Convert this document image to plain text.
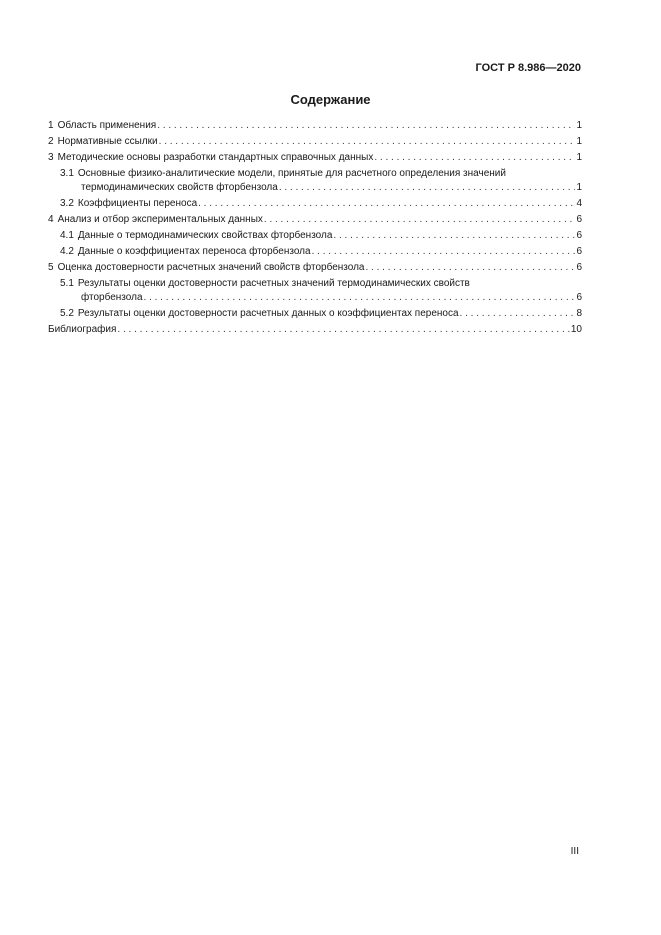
ГОСТ Р 8.986—2020
Содержание
1 Область применения . . .	1
2 Нормативные ссылки . . .	1
3 Методические основы разработки стандартных справочных данных . . .	1
3.1 Основные физико-аналитические модели, принятые для расчетного определения значений
термодинамических свойств фторбензола . . .	1
3.2 Коэффициенты переноса . . .	4
4 Анализ и отбор экспериментальных данных . . .	6
4.1 Данные о термодинамических свойствах фторбензола . . .	6
4.2 Данные о коэффициентах переноса фторбензола . . .	6
5 Оценка достоверности расчетных значений свойств фторбензола . . .	6
5.1 Результаты оценки достоверности расчетных значений термодинамических свойств
фторбензола . . .	6
5.2 Результаты оценки достоверности расчетных данных о коэффициентах переноса . . .	8
Библиография . . .	10
III
